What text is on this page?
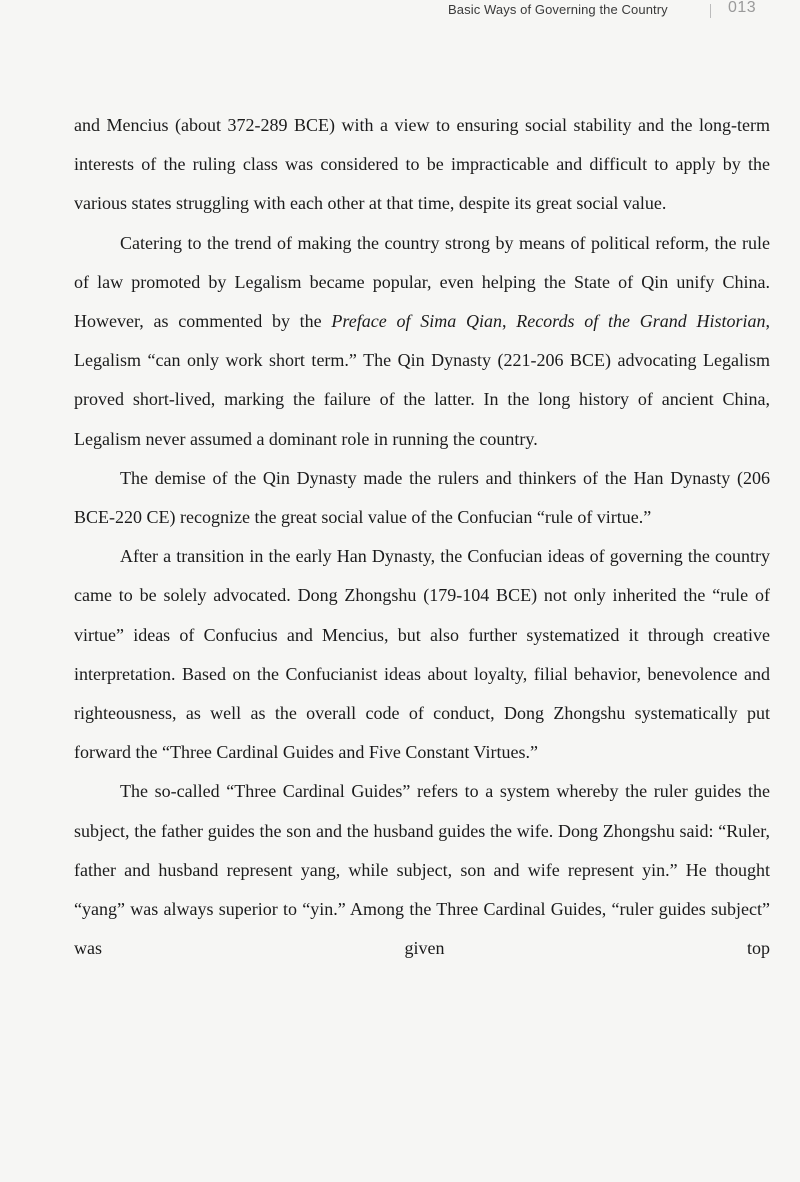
Basic Ways of Governing the Country	013

and Mencius (about 372-289 BCE) with a view to ensuring social stability and the long-term interests of the ruling class was considered to be impracticable and difficult to apply by the various states struggling with each other at that time, despite its great social value.

Catering to the trend of making the country strong by means of political reform, the rule of law promoted by Legalism became popular, even helping the State of Qin unify China. However, as commented by the Preface of Sima Qian, Records of the Grand Historian, Legalism “can only work short term.” The Qin Dynasty (221-206 BCE) advocating Legalism proved short-lived, marking the failure of the latter. In the long history of ancient China, Legalism never assumed a dominant role in running the country.

The demise of the Qin Dynasty made the rulers and thinkers of the Han Dynasty (206 BCE-220 CE) recognize the great social value of the Confucian “rule of virtue.”

After a transition in the early Han Dynasty, the Confucian ideas of governing the country came to be solely advocated. Dong Zhongshu (179-104 BCE) not only inherited the “rule of virtue” ideas of Confucius and Mencius, but also further systematized it through creative interpretation. Based on the Confucianist ideas about loyalty, filial behavior, benevolence and righteousness, as well as the overall code of conduct, Dong Zhongshu systematically put forward the “Three Cardinal Guides and Five Constant Virtues.”

The so-called “Three Cardinal Guides” refers to a system whereby the ruler guides the subject, the father guides the son and the husband guides the wife. Dong Zhongshu said: “Ruler, father and husband represent yang, while subject, son and wife represent yin.” He thought “yang” was always superior to “yin.” Among the Three Cardinal Guides, “ruler guides subject” was given top
